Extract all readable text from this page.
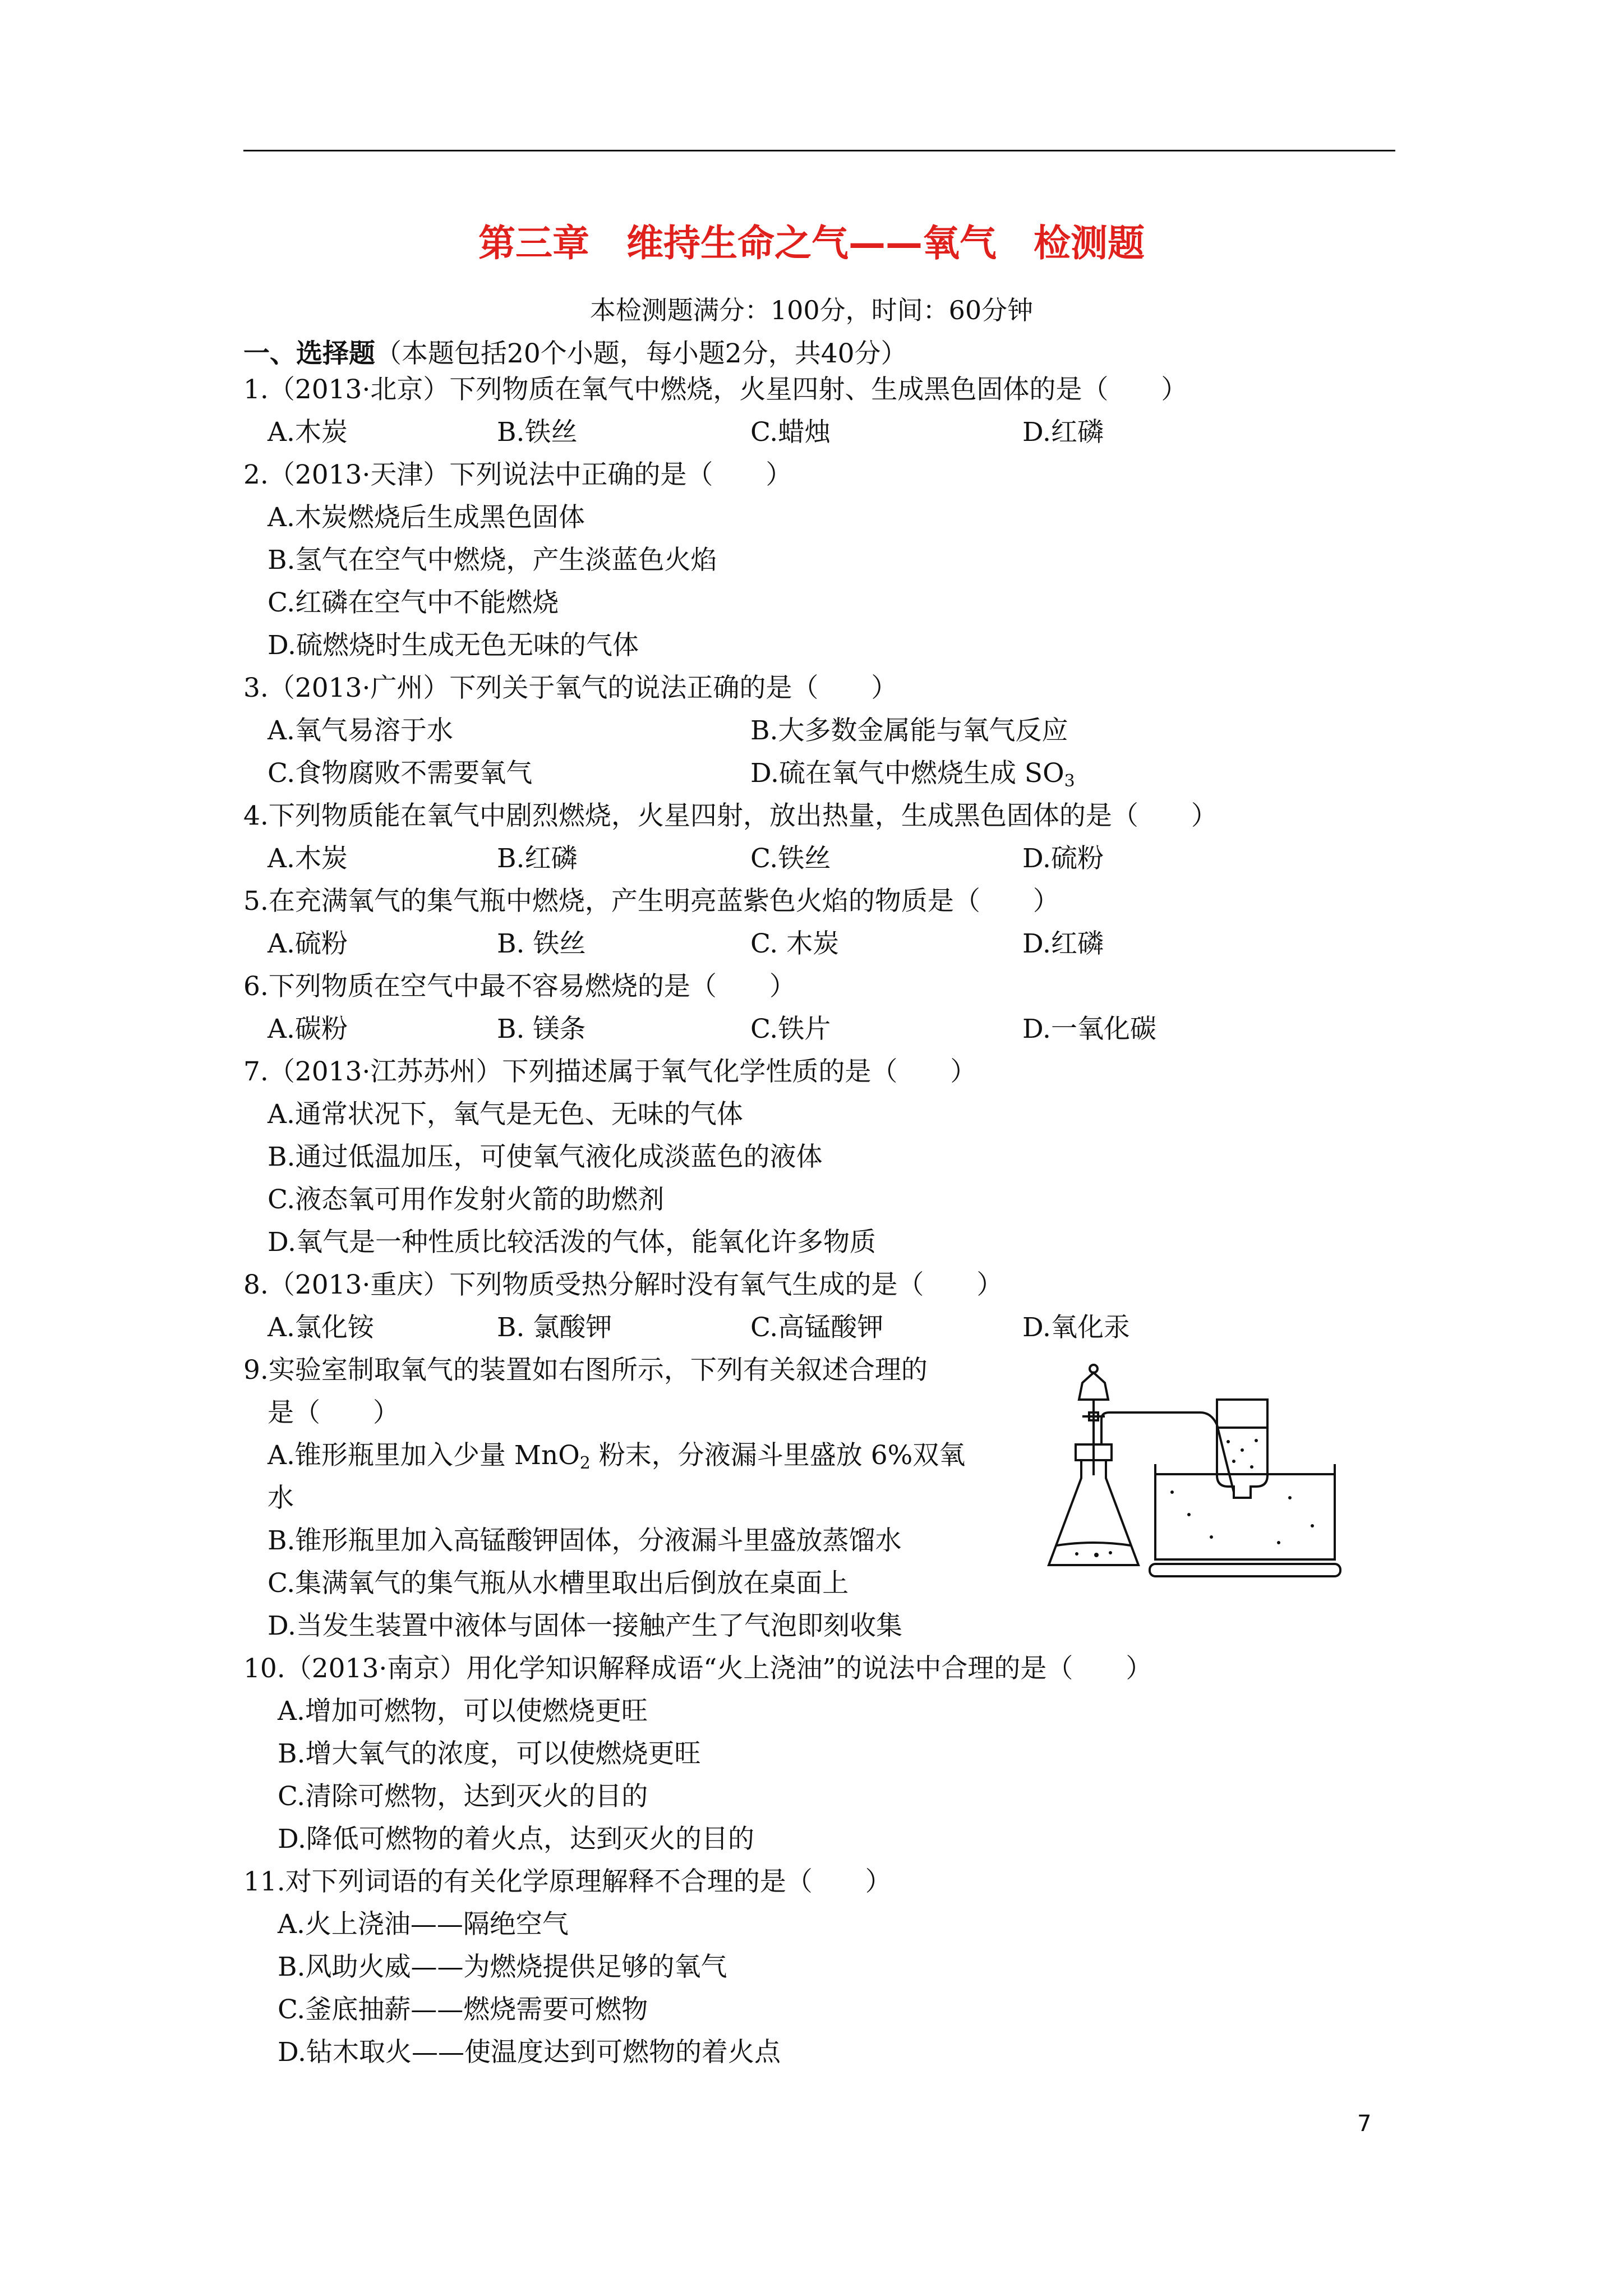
第三章　维持生命之气——氧气　检测题
本检测题满分：100分，时间：60分钟
一、选择题（本题包括20个小题，每小题2分，共40分）
1.（2013·北京）下列物质在氧气中燃烧，火星四射、生成黑色固体的是（　　）
A.木炭	B.铁丝	C.蜡烛	D.红磷
2.（2013·天津）下列说法中正确的是（　　）
A.木炭燃烧后生成黑色固体
B.氢气在空气中燃烧，产生淡蓝色火焰
C.红磷在空气中不能燃烧
D.硫燃烧时生成无色无味的气体
3.（2013·广州）下列关于氧气的说法正确的是（　　）
A.氧气易溶于水	B.大多数金属能与氧气反应
C.食物腐败不需要氧气	D.硫在氧气中燃烧生成 $SO_3$
4.下列物质能在氧气中剧烈燃烧，火星四射，放出热量，生成黑色固体的是（　　）
A.木炭	B.红磷	C.铁丝	D.硫粉
5.在充满氧气的集气瓶中燃烧，产生明亮蓝紫色火焰的物质是（　　）
A.硫粉	B. 铁丝	C. 木炭	D.红磷
6.下列物质在空气中最不容易燃烧的是（　　）
A.碳粉	B. 镁条	C.铁片	D.一氧化碳
7.（2013·江苏苏州）下列描述属于氧气化学性质的是（　　）
A.通常状况下，氧气是无色、无味的气体
B.通过低温加压，可使氧气液化成淡蓝色的液体
C.液态氧可用作发射火箭的助燃剂
D.氧气是一种性质比较活泼的气体，能氧化许多物质
8.（2013·重庆）下列物质受热分解时没有氧气生成的是（　　）
A.氯化铵	B. 氯酸钾	C.高锰酸钾	D.氧化汞
9.实验室制取氧气的装置如右图所示，下列有关叙述合理的
是（　　）
A.锥形瓶里加入少量 MnO$_2$ 粉末，分液漏斗里盛放 6%双氧
水
B.锥形瓶里加入高锰酸钾固体，分液漏斗里盛放蒸馏水
C.集满氧气的集气瓶从水槽里取出后倒放在桌面上
D.当发生装置中液体与固体一接触产生了气泡即刻收集
10.（2013·南京）用化学知识解释成语“火上浇油”的说法中合理的是（　　）
A.增加可燃物，可以使燃烧更旺
B.增大氧气的浓度，可以使燃烧更旺
C.清除可燃物，达到灭火的目的
D.降低可燃物的着火点，达到灭火的目的
11.对下列词语的有关化学原理解释不合理的是（　　）
A.火上浇油——隔绝空气
B.风助火威——为燃烧提供足够的氧气
C.釜底抽薪——燃烧需要可燃物
D.钻木取火——使温度达到可燃物的着火点
7
